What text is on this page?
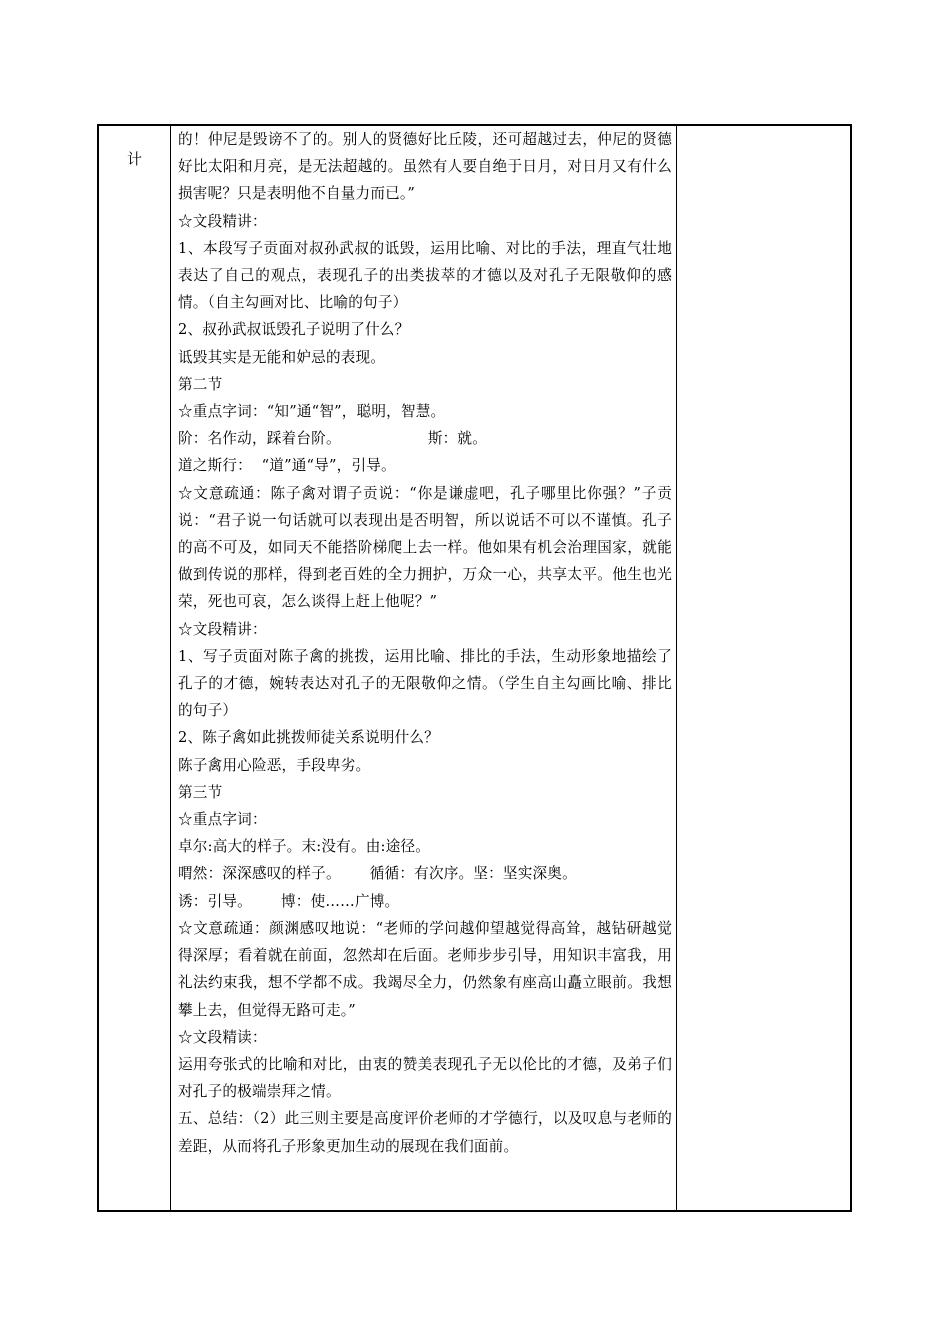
计

的！仲尼是毁谤不了的。别人的贤德好比丘陵，还可超越过去，仲尼的贤德好比太阳和月亮，是无法超越的。虽然有人要自绝于日月，对日月又有什么损害呢？只是表明他不自量力而已。”

☆文段精讲：

1、本段写子贡面对叔孙武叔的诋毁，运用比喻、对比的手法，理直气壮地表达了自己的观点，表现孔子的出类拔萃的才德以及对孔子无限敬仰的感情。（自主勾画对比、比喻的句子）

2、叔孙武叔诋毁孔子说明了什么？

诋毁其实是无能和妒忌的表现。

第二节

☆重点字词：“知”通“智”，聪明，智慧。

阶：名作动，踩着台阶。                  斯：就。

道之斯行：  “道”通“导”，引导。

☆文意疏通：陈子禽对谓子贡说：“你是谦虚吧，孔子哪里比你强？”子贡说：“君子说一句话就可以表现出是否明智，所以说话不可以不谨慎。孔子的高不可及，如同天不能搭阶梯爬上去一样。他如果有机会治理国家，就能做到传说的那样，得到老百姓的全力拥护，万众一心，共享太平。他生也光荣，死也可哀，怎么谈得上赶上他呢？”

☆文段精讲：

1、写子贡面对陈子禽的挑拨，运用比喻、排比的手法，生动形象地描绘了孔子的才德，婉转表达对孔子的无限敬仰之情。（学生自主勾画比喻、排比的句子）

2、陈子禽如此挑拨师徒关系说明什么？

陈子禽用心险恶，手段卑劣。

第三节

☆重点字词：

卓尔:高大的样子。末:没有。由:途径。

喟然：深深感叹的样子。      循循：有次序。坚：坚实深奥。

诱：引导。      博：使……广博。

☆文意疏通：颜渊感叹地说：“老师的学问越仰望越觉得高耸，越钻研越觉得深厚；看着就在前面，忽然却在后面。老师步步引导，用知识丰富我，用礼法约束我，想不学都不成。我竭尽全力，仍然象有座高山矗立眼前。我想攀上去，但觉得无路可走。”

☆文段精读：

运用夸张式的比喻和对比，由衷的赞美表现孔子无以伦比的才德，及弟子们对孔子的极端崇拜之情。

五、总结：（2）此三则主要是高度评价老师的才学德行，以及叹息与老师的差距，从而将孔子形象更加生动的展现在我们面前。
